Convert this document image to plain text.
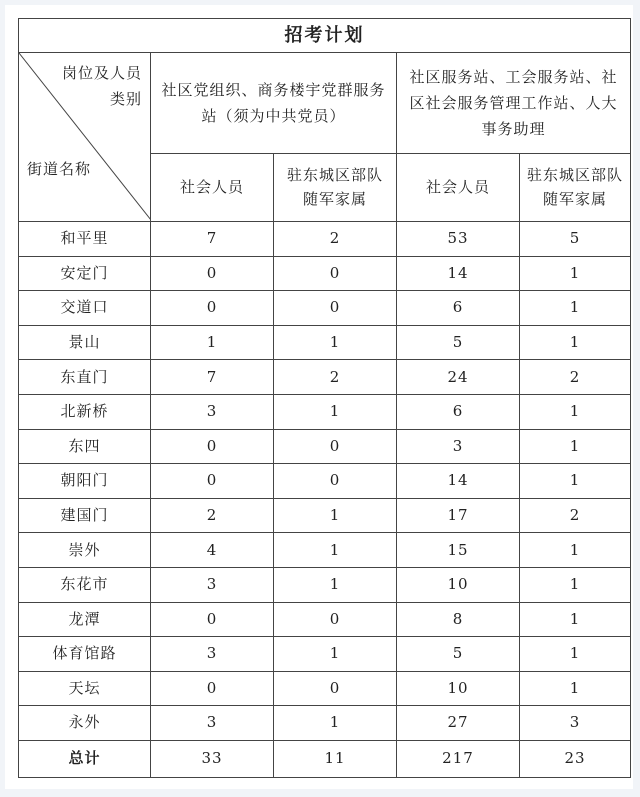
招考计划				

岗位及人员
类别
街道名称	社区党组织、商务楼宇党群服务站（须为中共党员）		社区服务站、工会服务站、社区社会服务管理工作站、人大事务助理	

	社会人员	驻东城区部队随军家属	社会人员	驻东城区部队随军家属

和平里	7	2	53	5
安定门	0	0	14	1
交道口	0	0	6	1
景山	1	1	5	1
东直门	7	2	24	2
北新桥	3	1	6	1
东四	0	0	3	1
朝阳门	0	0	14	1
建国门	2	1	17	2
崇外	4	1	15	1
东花市	3	1	10	1
龙潭	0	0	8	1
体育馆路	3	1	5	1
天坛	0	0	10	1
永外	3	1	27	3
总计	33	11	217	23
